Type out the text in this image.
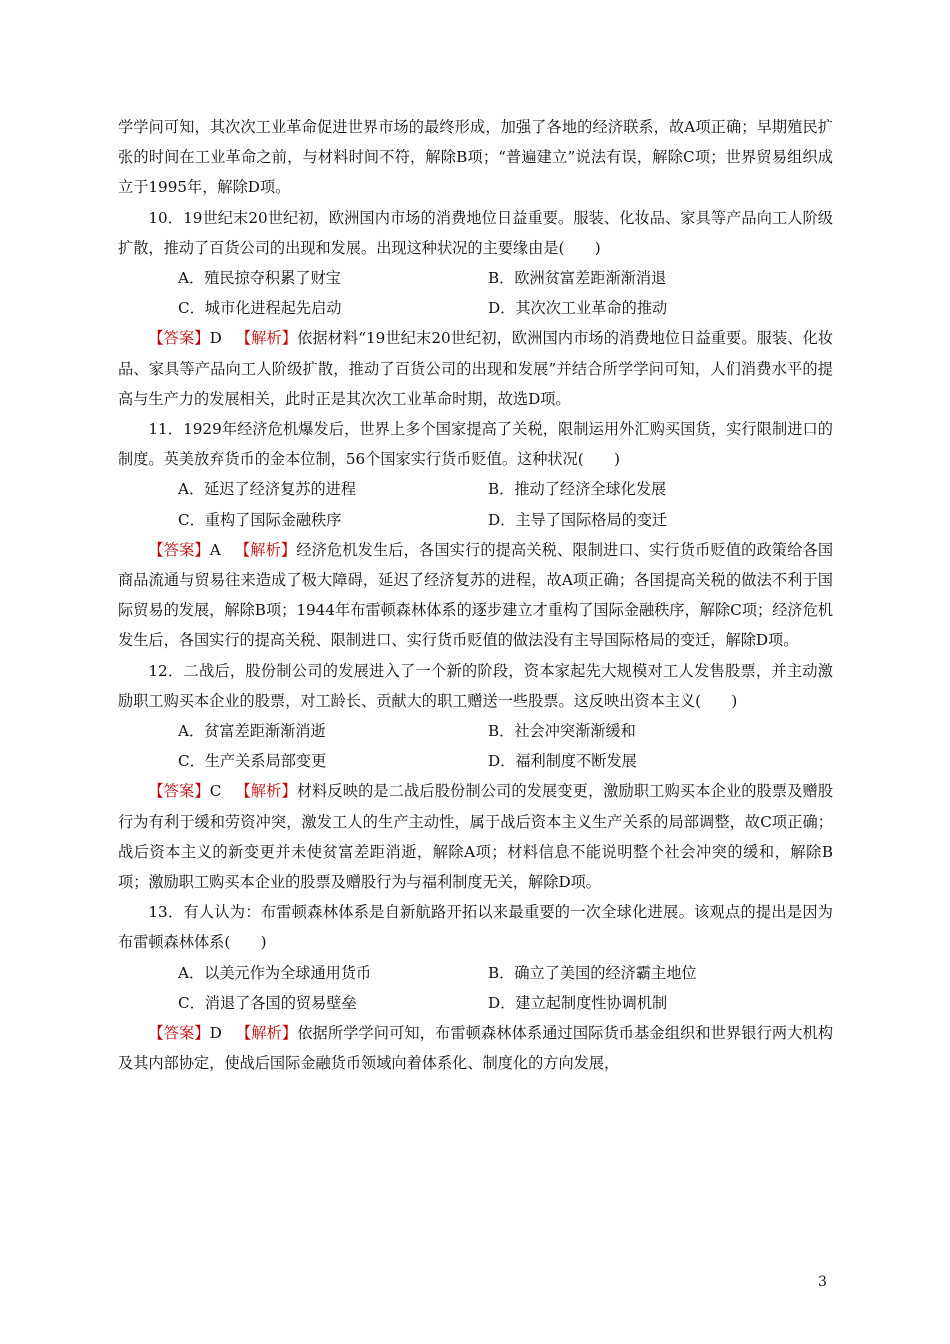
学学问可知，其次次工业革命促进世界市场的最终形成，加强了各地的经济联系，故A项正确；早期殖民扩张的时间在工业革命之前，与材料时间不符，解除B项；“普遍建立”说法有误，解除C项；世界贸易组织成立于1995年，解除D项。

10．19世纪末20世纪初，欧洲国内市场的消费地位日益重要。服装、化妆品、家具等产品向工人阶级扩散，推动了百货公司的出现和发展。出现这种状况的主要缘由是(　　)

A．殖民掠夺积累了财宝	B．欧洲贫富差距渐渐消退
C．城市化进程起先启动	D．其次次工业革命的推动

【答案】D 【解析】依据材料“19世纪末20世纪初，欧洲国内市场的消费地位日益重要。服装、化妆品、家具等产品向工人阶级扩散，推动了百货公司的出现和发展”并结合所学学问可知，人们消费水平的提高与生产力的发展相关，此时正是其次次工业革命时期，故选D项。

11．1929年经济危机爆发后，世界上多个国家提高了关税，限制运用外汇购买国货，实行限制进口的制度。英美放弃货币的金本位制，56个国家实行货币贬值。这种状况(　　)

A．延迟了经济复苏的进程	B．推动了经济全球化发展
C．重构了国际金融秩序	D．主导了国际格局的变迁

【答案】A 【解析】经济危机发生后，各国实行的提高关税、限制进口、实行货币贬值的政策给各国商品流通与贸易往来造成了极大障碍，延迟了经济复苏的进程，故A项正确；各国提高关税的做法不利于国际贸易的发展，解除B项；1944年布雷顿森林体系的逐步建立才重构了国际金融秩序，解除C项；经济危机发生后，各国实行的提高关税、限制进口、实行货币贬值的做法没有主导国际格局的变迁，解除D项。

12．二战后，股份制公司的发展进入了一个新的阶段，资本家起先大规模对工人发售股票，并主动激励职工购买本企业的股票，对工龄长、贡献大的职工赠送一些股票。这反映出资本主义(　　)

A．贫富差距渐渐消逝	B．社会冲突渐渐缓和
C．生产关系局部变更	D．福利制度不断发展

【答案】C 【解析】材料反映的是二战后股份制公司的发展变更，激励职工购买本企业的股票及赠股行为有利于缓和劳资冲突，激发工人的生产主动性，属于战后资本主义生产关系的局部调整，故C项正确；战后资本主义的新变更并未使贫富差距消逝，解除A项；材料信息不能说明整个社会冲突的缓和，解除B项；激励职工购买本企业的股票及赠股行为与福利制度无关，解除D项。

13．有人认为：布雷顿森林体系是自新航路开拓以来最重要的一次全球化进展。该观点的提出是因为布雷顿森林体系(　　)

A．以美元作为全球通用货币	B．确立了美国的经济霸主地位
C．消退了各国的贸易壁垒	D．建立起制度性协调机制

【答案】D 【解析】依据所学学问可知，布雷顿森林体系通过国际货币基金组织和世界银行两大机构及其内部协定，使战后国际金融货币领域向着体系化、制度化的方向发展，

3
